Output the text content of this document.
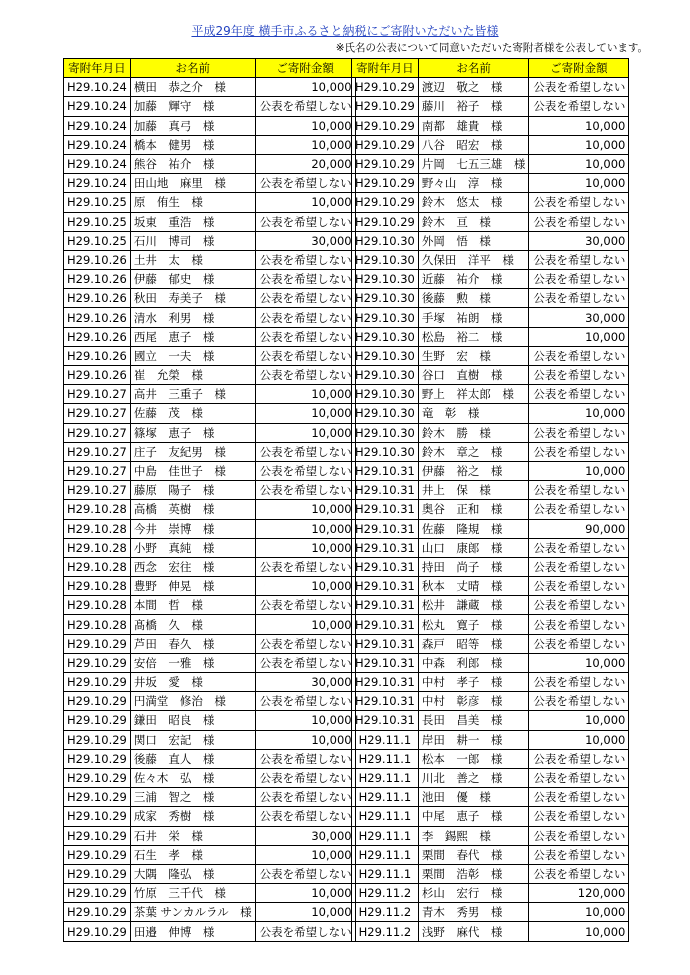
平成29年度 横手市ふるさと納税にご寄附いただいた皆様
※氏名の公表について同意いただいた寄附者様を公表しています。
寄附年月日	お名前	ご寄附金額
H29.10.24	横田　恭之介　様	10,000
H29.10.24	加藤　輝守　様	公表を希望しない
H29.10.24	加藤　真弓　様	10,000
H29.10.24	橋本　健男　様	10,000
H29.10.24	熊谷　祐介　様	20,000
H29.10.24	田山地　麻里　様	公表を希望しない
H29.10.25	原　侑生　様	10,000
H29.10.25	坂東　重浩　様	公表を希望しない
H29.10.25	石川　博司　様	30,000
H29.10.26	土井　太　様	公表を希望しない
H29.10.26	伊藤　郁史　様	公表を希望しない
H29.10.26	秋田　寿美子　様	公表を希望しない
H29.10.26	清水　利男　様	公表を希望しない
H29.10.26	西尾　恵子　様	公表を希望しない
H29.10.26	國立　一夫　様	公表を希望しない
H29.10.26	崔　允榮　様	公表を希望しない
H29.10.27	高井　三重子　様	10,000
H29.10.27	佐藤　茂　様	10,000
H29.10.27	篠塚　恵子　様	10,000
H29.10.27	庄子　友紀男　様	公表を希望しない
H29.10.27	中島　佳世子　様	公表を希望しない
H29.10.27	藤原　陽子　様	公表を希望しない
H29.10.28	高橋　英樹　様	10,000
H29.10.28	今井　崇博　様	10,000
H29.10.28	小野　真純　様	10,000
H29.10.28	西念　宏往　様	公表を希望しない
H29.10.28	豊野　伸晃　様	10,000
H29.10.28	本間　哲　様	公表を希望しない
H29.10.28	髙橋　久　様	10,000
H29.10.29	芦田　春久　様	公表を希望しない
H29.10.29	安倍　一雅　様	公表を希望しない
H29.10.29	井坂　愛　様	30,000
H29.10.29	円満堂　修治　様	公表を希望しない
H29.10.29	鎌田　昭良　様	10,000
H29.10.29	関口　宏記　様	10,000
H29.10.29	後藤　直人　様	公表を希望しない
H29.10.29	佐々木　弘　様	公表を希望しない
H29.10.29	三浦　智之　様	公表を希望しない
H29.10.29	成家　秀樹　様	公表を希望しない
H29.10.29	石井　栄　様	30,000
H29.10.29	石生　孝　様	10,000
H29.10.29	大隅　隆弘　様	公表を希望しない
H29.10.29	竹原　三千代　様	10,000
H29.10.29	茶葉 サンカルラル　様	10,000
H29.10.29	田邉　伸博　様	公表を希望しない
寄附年月日	お名前	ご寄附金額
H29.10.29	渡辺　敬之　様	公表を希望しない
H29.10.29	藤川　裕子　様	公表を希望しない
H29.10.29	南都　雄貴　様	10,000
H29.10.29	八谷　昭宏　様	10,000
H29.10.29	片岡　七五三雄　様	10,000
H29.10.29	野々山　淳　様	10,000
H29.10.29	鈴木　悠太　様	公表を希望しない
H29.10.29	鈴木　亘　様	公表を希望しない
H29.10.30	外岡　悟　様	30,000
H29.10.30	久保田　洋平　様	公表を希望しない
H29.10.30	近藤　祐介　様	公表を希望しない
H29.10.30	後藤　勲　様	公表を希望しない
H29.10.30	手塚　祐朗　様	30,000
H29.10.30	松島　裕二　様	10,000
H29.10.30	生野　宏　様	公表を希望しない
H29.10.30	谷口　直樹　様	公表を希望しない
H29.10.30	野上　祥太郎　様	公表を希望しない
H29.10.30	竜　彰　様	10,000
H29.10.30	鈴木　勝　様	公表を希望しない
H29.10.30	鈴木　章之　様	公表を希望しない
H29.10.31	伊藤　裕之　様	10,000
H29.10.31	井上　保　様	公表を希望しない
H29.10.31	奥谷　正和　様	公表を希望しない
H29.10.31	佐藤　隆規　様	90,000
H29.10.31	山口　康郎　様	公表を希望しない
H29.10.31	持田　尚子　様	公表を希望しない
H29.10.31	秋本　丈晴　様	公表を希望しない
H29.10.31	松井　謙蔵　様	公表を希望しない
H29.10.31	松丸　寛子　様	公表を希望しない
H29.10.31	森戸　昭等　様	公表を希望しない
H29.10.31	中森　利郎　様	10,000
H29.10.31	中村　孝子　様	公表を希望しない
H29.10.31	中村　彰彦　様	公表を希望しない
H29.10.31	長田　昌美　様	10,000
H29.11.1	岸田　耕一　様	10,000
H29.11.1	松本　一郎　様	公表を希望しない
H29.11.1	川北　善之　様	公表を希望しない
H29.11.1	池田　優　様	公表を希望しない
H29.11.1	中尾　恵子　様	公表を希望しない
H29.11.1	李　錫熙　様	公表を希望しない
H29.11.1	栗間　春代　様	公表を希望しない
H29.11.1	栗間　浩彰　様	公表を希望しない
H29.11.2	杉山　宏行　様	120,000
H29.11.2	青木　秀男　様	10,000
H29.11.2	浅野　麻代　様	10,000
